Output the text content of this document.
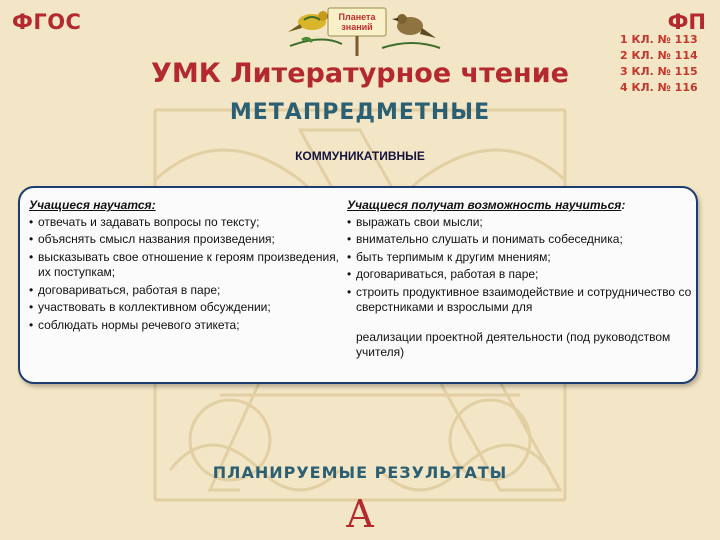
ФГОС	ФП
1 КЛ. № 113
2 КЛ. № 114
3 КЛ. № 115
4 КЛ. № 116
Планета
знаний
УМК Литературное чтение
МЕТАПРЕДМЕТНЫЕ
КОММУНИКАТИВНЫЕ
Учащиеся научатся:
• отвечать и задавать вопросы по тексту;
• объяснять смысл названия произведения;
• высказывать свое отношение к героям произведения, их поступкам;
• договариваться, работая в паре;
• участвовать в коллективном обсуждении;
• соблюдать нормы речевого этикета;
Учащиеся получат возможность научиться:
• выражать свои мысли;
• внимательно слушать и понимать собеседника;
• быть терпимым к другим мнениям;
• договариваться, работая в паре;
• строить продуктивное взаимодействие и сотрудничество со сверстниками и взрослыми для

реализации проектной деятельности (под руководством учителя)

ПЛАНИРУЕМЫЕ РЕЗУЛЬТАТЫ
А
